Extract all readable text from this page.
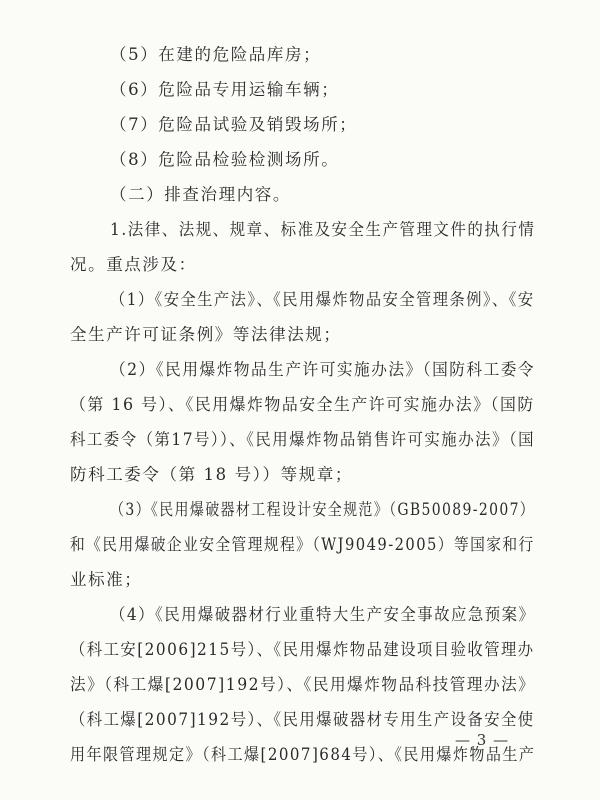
（5）在建的危险品库房；
（6）危险品专用运输车辆；
（7）危险品试验及销毁场所；
（8）危险品检验检测场所。
（二）排查治理内容。
1.法律、法规、规章、标准及安全生产管理文件的执行情
况。重点涉及：
（1）《安全生产法》、《民用爆炸物品安全管理条例》、《安
全生产许可证条例》等法律法规；
（2）《民用爆炸物品生产许可实施办法》（国防科工委令
（第 16 号）、《民用爆炸物品安全生产许可实施办法》（国防
科工委令（第17号））、《民用爆炸物品销售许可实施办法》（国
防科工委令（第 18 号））等规章；
（3）《民用爆破器材工程设计安全规范》（GB50089-2007）
和《民用爆破企业安全管理规程》（WJ9049-2005）等国家和行
业标准；
（4）《民用爆破器材行业重特大生产安全事故应急预案》
（科工安[2006]215号）、《民用爆炸物品建设项目验收管理办
法》（科工爆[2007]192号）、《民用爆炸物品科技管理办法》
（科工爆[2007]192号）、《民用爆破器材专用生产设备安全使
用年限管理规定》（科工爆[2007]684号）、《民用爆炸物品生产
— 3 —
